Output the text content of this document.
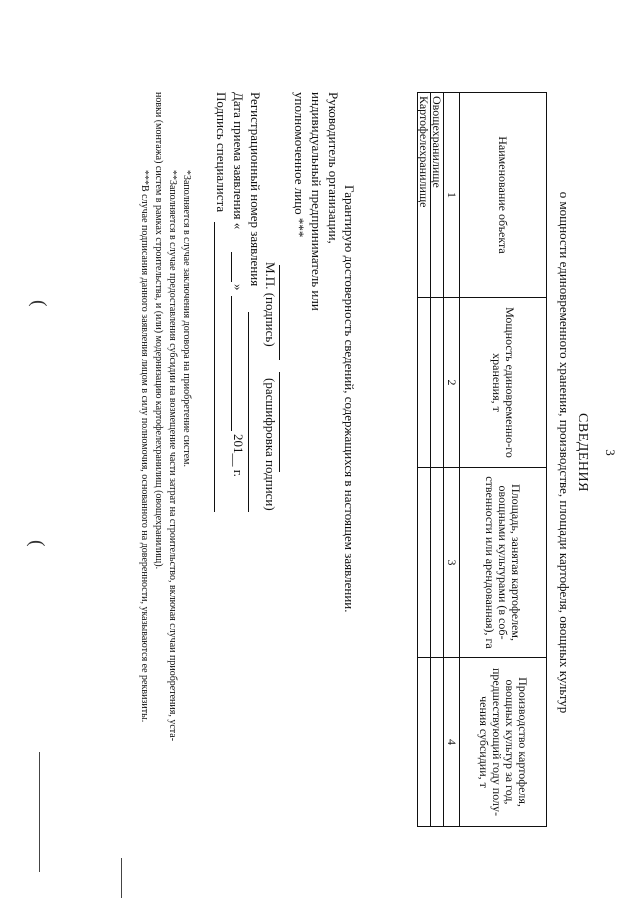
3
СВЕДЕНИЯ
о мощности единовременного хранения, производстве, площади картофеля, овощных культур
Наименование объекта	Мощность единовременно-го хранения, т	Площадь, занятая картофелем, овощными культурами (в соб-ственности или арендованная), га	Производство картофеля, овощных культур за год, предшествующий году полу-чения субсидии, т
1	2	3	4
Овощехранилище			
Картофелехранилище			
Гарантирую достоверность сведений, содержащихся в настоящем заявлении.
Руководитель организации, индивидуальный предприниматель или уполномоченное лицо ***
М.П. (подпись)
(расшифровка подписи)
Регистрационный номер заявления
Дата приема заявления «
»
201__ г.
Подпись специалиста
*Заполняется в случае заключения договора на приобретение систем.
**Заполняется в случае предоставления субсидии на возмещение части затрат на строительство, включая случаи приобретения, уста-
новки (монтажа) систем в рамках строительства, и (или) модернизацию картофелехранилищ (овощехранилищ).
***В случае подписания данного заявления лицом в силу полномочия, основанного на доверенности, указываются ее реквизиты.
(
(
